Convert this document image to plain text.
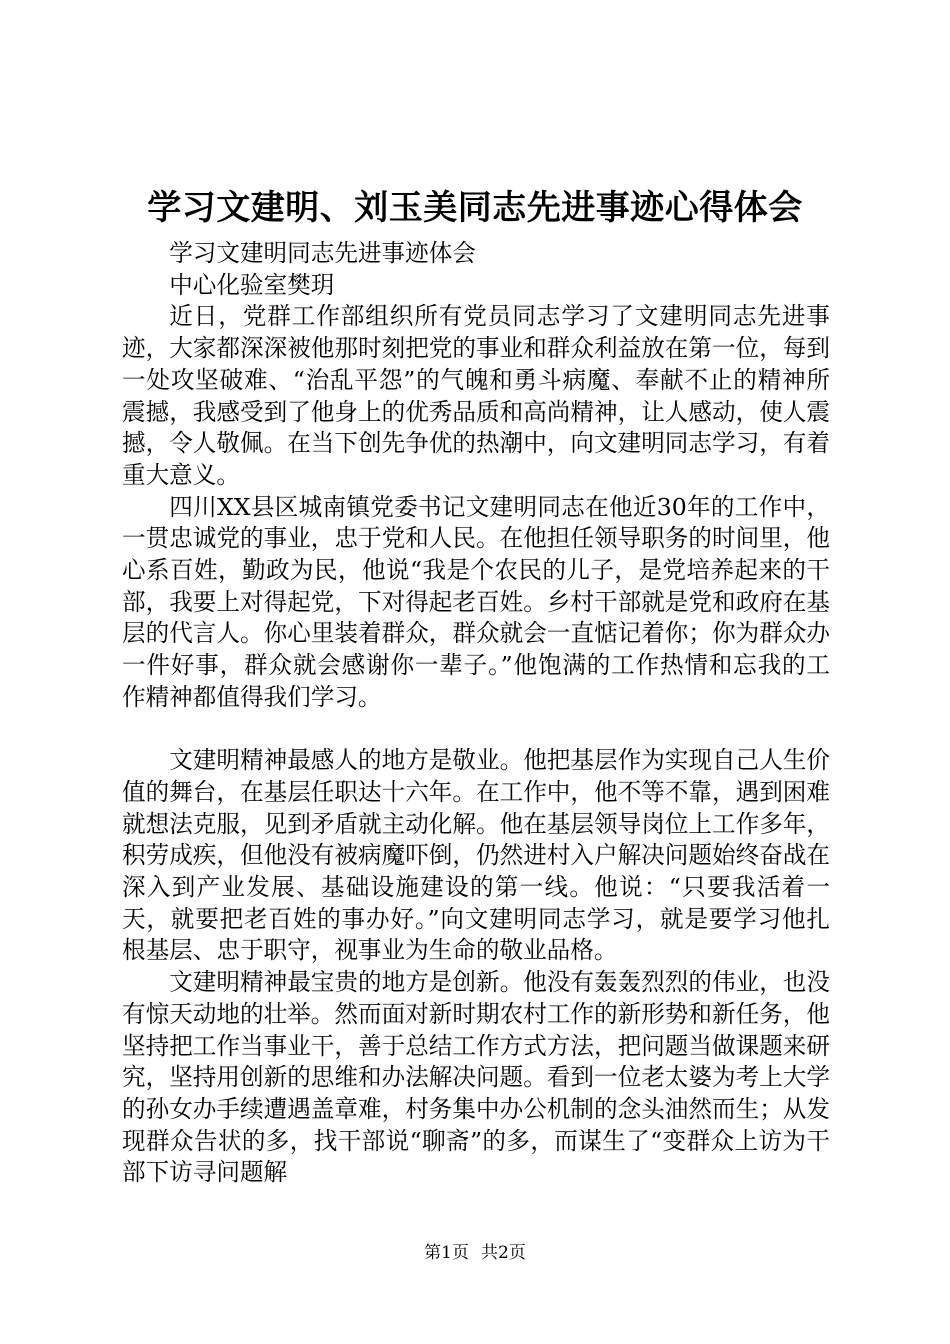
学习文建明、刘玉美同志先进事迹心得体会

学习文建明同志先进事迹体会

中心化验室樊玥

近日，党群工作部组织所有党员同志学习了文建明同志先进事迹，大家都深深被他那时刻把党的事业和群众利益放在第一位，每到一处攻坚破难、“治乱平怨”的气魄和勇斗病魔、奉献不止的精神所震撼，我感受到了他身上的优秀品质和高尚精神，让人感动，使人震撼，令人敬佩。在当下创先争优的热潮中，向文建明同志学习，有着重大意义。

四川XX县区城南镇党委书记文建明同志在他近30年的工作中，一贯忠诚党的事业，忠于党和人民。在他担任领导职务的时间里，他心系百姓，勤政为民，他说“我是个农民的儿子，是党培养起来的干部，我要上对得起党，下对得起老百姓。乡村干部就是党和政府在基层的代言人。你心里装着群众，群众就会一直惦记着你；你为群众办一件好事，群众就会感谢你一辈子。”他饱满的工作热情和忘我的工作精神都值得我们学习。

文建明精神最感人的地方是敬业。他把基层作为实现自己人生价值的舞台，在基层任职达十六年。在工作中，他不等不靠，遇到困难就想法克服，见到矛盾就主动化解。他在基层领导岗位上工作多年，积劳成疾，但他没有被病魔吓倒，仍然进村入户解决问题始终奋战在深入到产业发展、基础设施建设的第一线。他说：“只要我活着一天，就要把老百姓的事办好。”向文建明同志学习，就是要学习他扎根基层、忠于职守，视事业为生命的敬业品格。

文建明精神最宝贵的地方是创新。他没有轰轰烈烈的伟业，也没有惊天动地的壮举。然而面对新时期农村工作的新形势和新任务，他坚持把工作当事业干，善于总结工作方式方法，把问题当做课题来研究，坚持用创新的思维和办法解决问题。看到一位老太婆为考上大学的孙女办手续遭遇盖章难，村务集中办公机制的念头油然而生；从发现群众告状的多，找干部说“聊斋”的多，而谋生了“变群众上访为干部下访寻问题解

第1页 共2页
